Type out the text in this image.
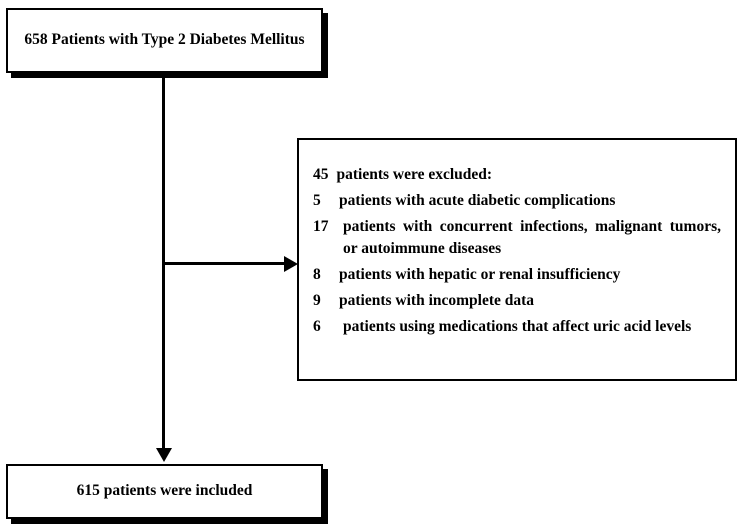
658 Patients with Type 2 Diabetes Mellitus
45 patients were excluded:
5	patients with acute diabetic complications
17 patients with concurrent infections, malignant tumors, or autoimmune diseases
8	patients with hepatic or renal insufficiency
9	patients with incomplete data
6	patients using medications that affect uric acid levels
615 patients were included
